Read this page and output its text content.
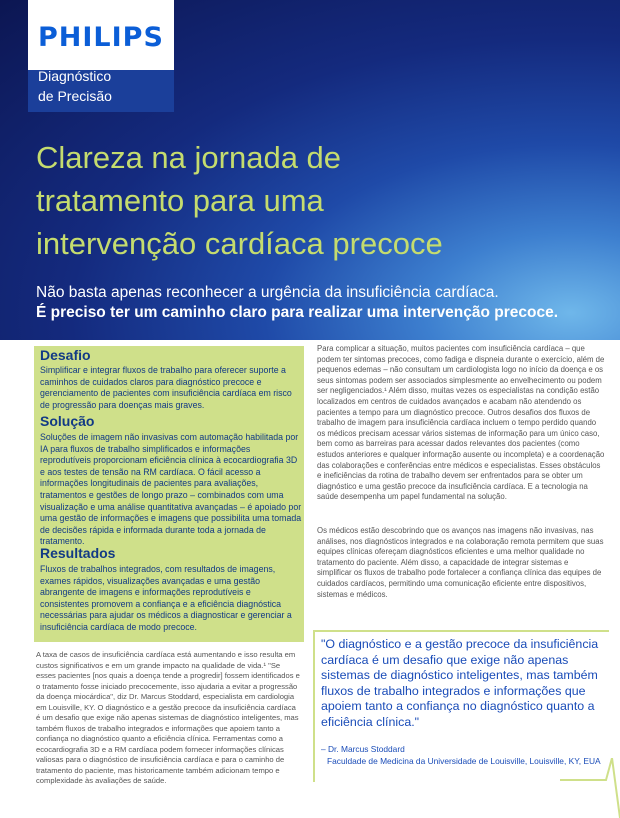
PHILIPS
Diagnóstico
de Precisão
Clareza na jornada de
tratamento para uma
intervenção cardíaca precoce
Não basta apenas reconhecer a urgência da insuficiência cardíaca.
É preciso ter um caminho claro para realizar uma intervenção precoce.
Desafio
Simplificar e integrar fluxos de trabalho para oferecer suporte a caminhos de cuidados claros para diagnóstico precoce e gerenciamento de pacientes com insuficiência cardíaca em risco de progressão para doenças mais graves.
Solução
Soluções de imagem não invasivas com automação habilitada por IA para fluxos de trabalho simplificados e informações reprodutíveis proporcionam eficiência clínica à ecocardiografia 3D e aos testes de tensão na RM cardíaca. O fácil acesso a informações longitudinais de pacientes para avaliações, tratamentos e gestões de longo prazo – combinados com uma visualização e uma análise quantitativa avançadas – é apoiado por uma gestão de informações e imagens que possibilita uma tomada de decisões rápida e informada durante toda a jornada de tratamento.
Resultados
Fluxos de trabalhos integrados, com resultados de imagens, exames rápidos, visualizações avançadas e uma gestão abrangente de imagens e informações reprodutíveis e consistentes promovem a confiança e a eficiência diagnóstica necessárias para ajudar os médicos a diagnosticar e gerenciar a insuficiência cardíaca de modo precoce.
A taxa de casos de insuficiência cardíaca está aumentando e isso resulta em custos significativos e em um grande impacto na qualidade de vida.¹ "Se esses pacientes [nos quais a doença tende a progredir] fossem identificados e o tratamento fosse iniciado precocemente, isso ajudaria a evitar a progressão da doença miocárdica", diz Dr. Marcus Stoddard, especialista em cardiologia em Louisville, KY. O diagnóstico e a gestão precoce da insuficiência cardíaca é um desafio que exige não apenas sistemas de diagnóstico inteligentes, mas também fluxos de trabalho integrados e informações que apoiem tanto a confiança no diagnóstico quanto a eficiência clínica. Ferramentas como a ecocardiografia 3D e a RM cardíaca podem fornecer informações clínicas valiosas para o diagnóstico de insuficiência cardíaca e para o caminho de tratamento do paciente, mas historicamente também adicionam tempo e complexidade às avaliações de saúde.
Para complicar a situação, muitos pacientes com insuficiência cardíaca – que podem ter sintomas precoces, como fadiga e dispneia durante o exercício, além de pequenos edemas – não consultam um cardiologista logo no início da doença e os seus sintomas podem ser associados simplesmente ao envelhecimento ou podem ser negligenciados.¹ Além disso, muitas vezes os especialistas na condição estão localizados em centros de cuidados avançados e acabam não atendendo os pacientes a tempo para um diagnóstico precoce. Outros desafios dos fluxos de trabalho de imagem para insuficiência cardíaca incluem o tempo perdido quando os médicos precisam acessar vários sistemas de informação para um único caso, bem como as barreiras para acessar dados relevantes dos pacientes (como estudos anteriores e qualquer informação ausente ou incompleta) e a coordenação das colaborações e conferências entre médicos e especialistas. Esses obstáculos e ineficiências da rotina de trabalho devem ser enfrentados para se obter um diagnóstico e uma gestão precoce da insuficiência cardíaca. E a tecnologia na saúde desempenha um papel fundamental na solução.
Os médicos estão descobrindo que os avanços nas imagens não invasivas, nas análises, nos diagnósticos integrados e na colaboração remota permitem que suas equipes clínicas ofereçam diagnósticos eficientes e uma melhor qualidade no tratamento do paciente. Além disso, a capacidade de integrar sistemas e simplificar os fluxos de trabalho pode fortalecer a confiança clínica das equipes de cuidados cardíacos, permitindo uma comunicação eficiente entre dispositivos, sistemas e médicos.
"O diagnóstico e a gestão precoce da insuficiência cardíaca é um desafio que exige não apenas sistemas de diagnóstico inteligentes, mas também fluxos de trabalho integrados e informações que apoiem tanto a confiança no diagnóstico quanto a eficiência clínica."
– Dr. Marcus Stoddard
Faculdade de Medicina da Universidade de Louisville, Louisville, KY, EUA
